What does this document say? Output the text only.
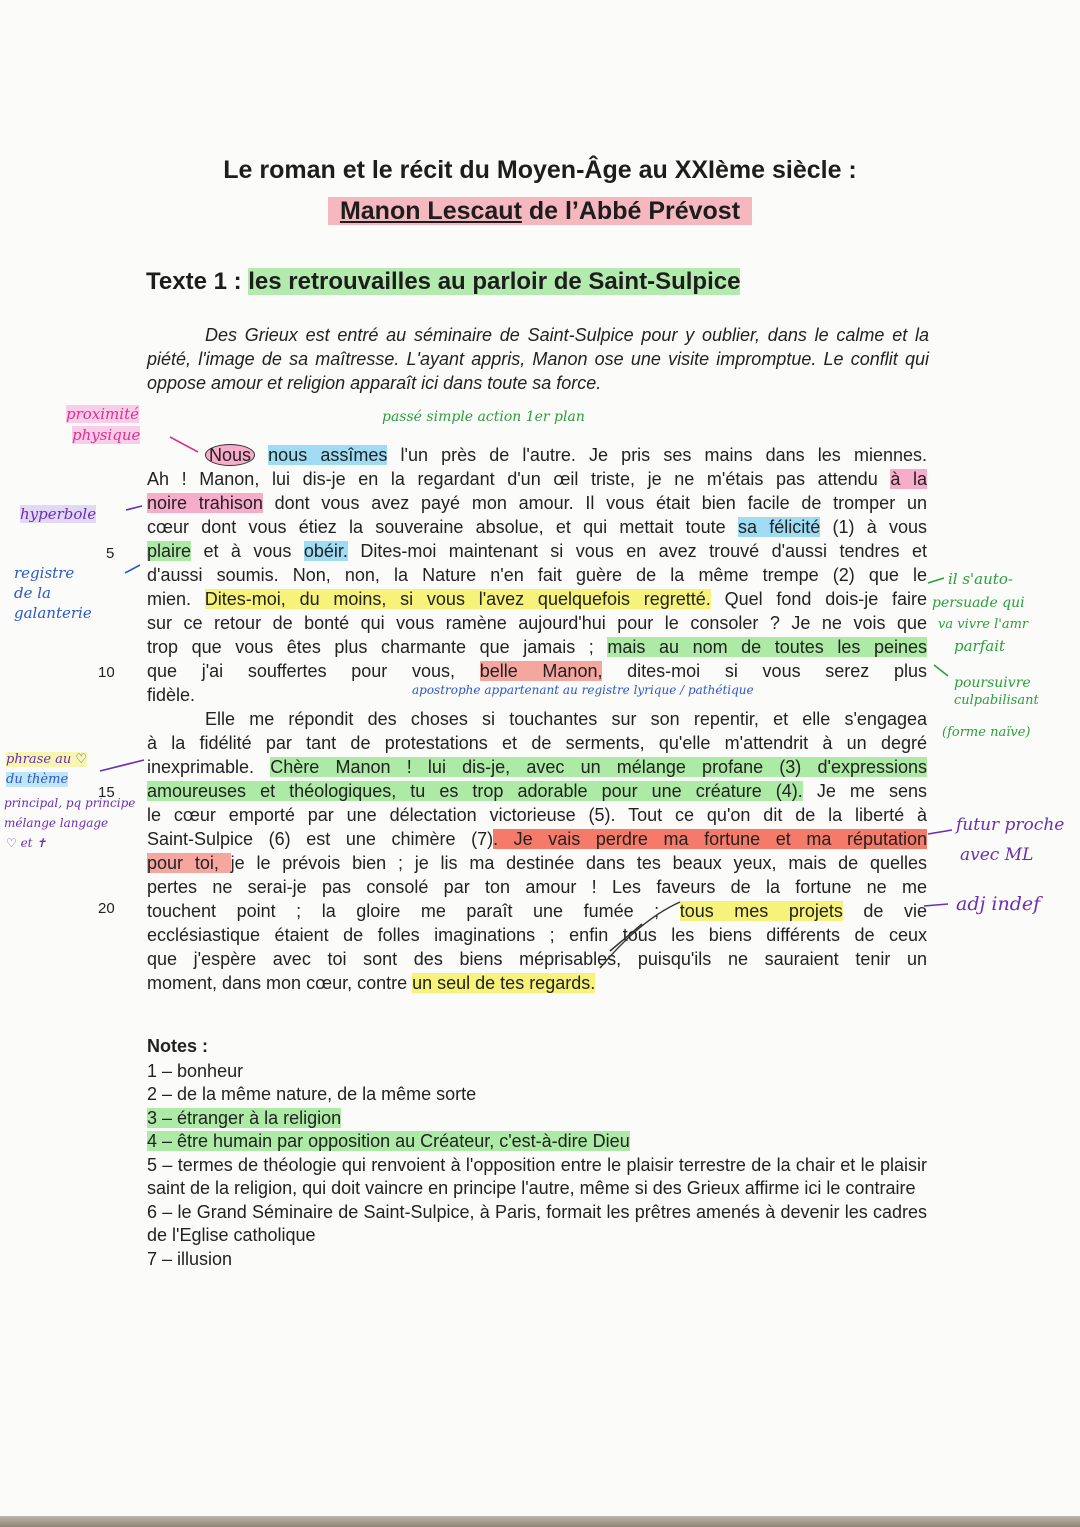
Le roman et le récit du Moyen-Âge au XXIème siècle :
Manon Lescaut de l’Abbé Prévost
Texte 1 : les retrouvailles au parloir de Saint-Sulpice
Des Grieux est entré au séminaire de Saint-Sulpice pour y oublier, dans le calme et la piété, l'image de sa maîtresse. L'ayant appris, Manon ose une visite impromptue. Le conflit qui oppose amour et religion apparaît ici dans toute sa force.
Nous nous assîmes l'un près de l'autre. Je pris ses mains dans les miennes.
Ah ! Manon, lui dis-je en la regardant d'un œil triste, je ne m'étais pas attendu à la
noire trahison dont vous avez payé mon amour. Il vous était bien facile de tromper un
cœur dont vous étiez la souveraine absolue, et qui mettait toute sa félicité (1) à vous
plaire et à vous obéir. Dites-moi maintenant si vous en avez trouvé d'aussi tendres et
d'aussi soumis. Non, non, la Nature n'en fait guère de la même trempe (2) que le
mien. Dites-moi, du moins, si vous l'avez quelquefois regretté. Quel fond dois-je faire
sur ce retour de bonté qui vous ramène aujourd'hui pour le consoler ? Je ne vois que
trop que vous êtes plus charmante que jamais ; mais au nom de toutes les peines
que j'ai souffertes pour vous, belle Manon, dites-moi si vous serez plus
fidèle.
Elle me répondit des choses si touchantes sur son repentir, et elle s'engagea
à la fidélité par tant de protestations et de serments, qu'elle m'attendrit à un degré
inexprimable. Chère Manon ! lui dis-je, avec un mélange profane (3) d'expressions
amoureuses et théologiques, tu es trop adorable pour une créature (4). Je me sens
le cœur emporté par une délectation victorieuse (5). Tout ce qu'on dit de la liberté à
Saint-Sulpice (6) est une chimère (7). Je vais perdre ma fortune et ma réputation
pour toi, je le prévois bien ; je lis ma destinée dans tes beaux yeux, mais de quelles
pertes ne serai-je pas consolé par ton amour ! Les faveurs de la fortune ne me
touchent point ; la gloire me paraît une fumée ; tous mes projets de vie
ecclésiastique étaient de folles imaginations ; enfin tous les biens différents de ceux
que j'espère avec toi sont des biens méprisables, puisqu'ils ne sauraient tenir un
moment, dans mon cœur, contre un seul de tes regards.
5
10
15
20
Notes :
1 – bonheur
2 – de la même nature, de la même sorte
3 – étranger à la religion
4 – être humain par opposition au Créateur, c'est-à-dire Dieu
5 – termes de théologie qui renvoient à l'opposition entre le plaisir terrestre de la chair et le plaisir saint de la religion, qui doit vaincre en principe l'autre, même si des Grieux affirme ici le contraire
6 – le Grand Séminaire de Saint-Sulpice, à Paris, formait les prêtres amenés à devenir les cadres de l'Eglise catholique
7 – illusion
proximité
physique
passé simple action 1er plan
hyperbole
registre
de la
galanterie
apostrophe appartenant au registre lyrique / pathétique
phrase au ♡
du thème
principal, pq principe
mélange langage
♡ et ✝
il s'auto-
persuade qui
va vivre l'amr
parfait
poursuivre
culpabilisant
(forme naïve)
futur proche
avec ML
adj indef
